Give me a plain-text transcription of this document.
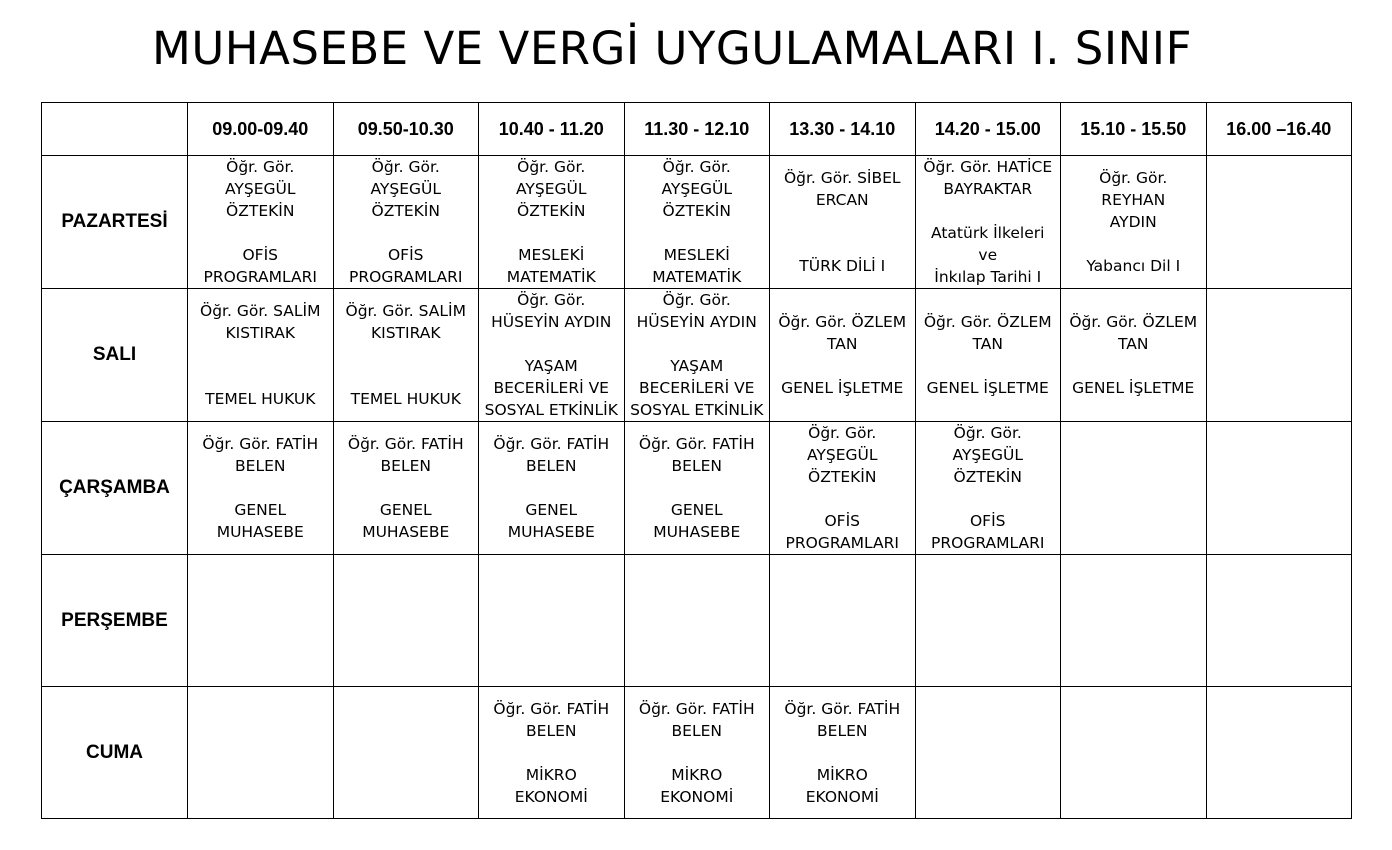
MUHASEBE VE VERGİ UYGULAMALARI I. SINIF
	09.00-09.40	09.50-10.30	10.40 - 11.20	11.30 - 12.10	13.30 - 14.10	14.20 - 15.00	15.10 - 15.50	16.00 –16.40
PAZARTESİ	Öğr. Gör.
AYŞEGÜL
ÖZTEKİN
OFİS
PROGRAMLARI	Öğr. Gör.
AYŞEGÜL
ÖZTEKİN
OFİS
PROGRAMLARI	Öğr. Gör.
AYŞEGÜL
ÖZTEKİN
MESLEKİ
MATEMATİK	Öğr. Gör.
AYŞEGÜL
ÖZTEKİN
MESLEKİ
MATEMATİK	Öğr. Gör. SİBEL
ERCAN
TÜRK DİLİ I	Öğr. Gör. HATİCE
BAYRAKTAR
Atatürk İlkeleri
ve
İnkılap Tarihi I	Öğr. Gör.
REYHAN
AYDIN
Yabancı Dil I	

SALI	Öğr. Gör. SALİM
KISTIRAK
TEMEL HUKUK	Öğr. Gör. SALİM
KISTIRAK
TEMEL HUKUK	Öğr. Gör.
HÜSEYİN AYDIN
YAŞAM
BECERİLERİ VE
SOSYAL ETKİNLİK	Öğr. Gör.
HÜSEYİN AYDIN
YAŞAM
BECERİLERİ VE
SOSYAL ETKİNLİK	Öğr. Gör. ÖZLEM
TAN
GENEL İŞLETME	Öğr. Gör. ÖZLEM
TAN
GENEL İŞLETME	Öğr. Gör. ÖZLEM
TAN
GENEL İŞLETME	

ÇARŞAMBA	Öğr. Gör. FATİH
BELEN
GENEL
MUHASEBE	Öğr. Gör. FATİH
BELEN
GENEL
MUHASEBE	Öğr. Gör. FATİH
BELEN
GENEL
MUHASEBE	Öğr. Gör. FATİH
BELEN
GENEL
MUHASEBE	Öğr. Gör.
AYŞEGÜL
ÖZTEKİN
OFİS
PROGRAMLARI	Öğr. Gör.
AYŞEGÜL
ÖZTEKİN
OFİS
PROGRAMLARI		

PERŞEMBE	

CUMA			Öğr. Gör. FATİH
BELEN
MİKRO
EKONOMİ	Öğr. Gör. FATİH
BELEN
MİKRO
EKONOMİ	Öğr. Gör. FATİH
BELEN
MİKRO
EKONOMİ			
